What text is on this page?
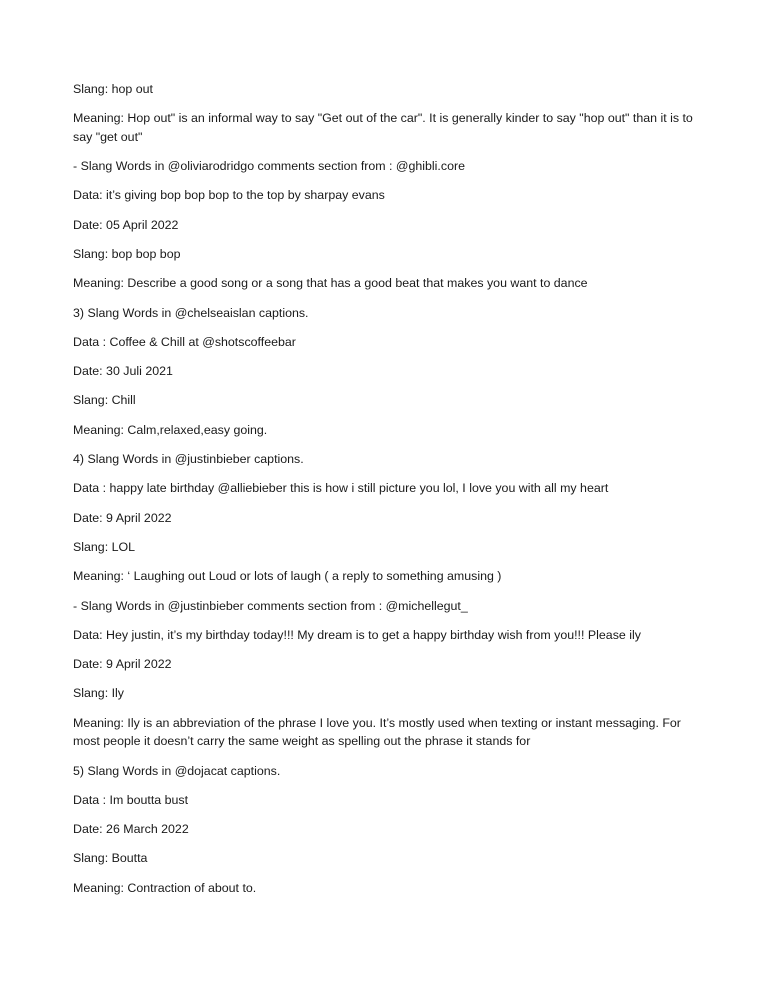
Slang: hop out

Meaning: Hop out" is an informal way to say "Get out of the car". It is generally kinder to say "hop out" than it is to say "get out"

- Slang Words in @oliviarodridgo comments section from : @ghibli.core

Data: it’s giving bop bop bop to the top by sharpay evans

Date: 05 April 2022

Slang: bop bop bop

Meaning: Describe a good song or a song that has a good beat that makes you want to dance

3) Slang Words in @chelseaislan captions.

Data : Coffee & Chill at @shotscoffeebar

Date: 30 Juli 2021

Slang: Chill

Meaning: Calm,relaxed,easy going.

4) Slang Words in @justinbieber captions.

Data : happy late birthday @alliebieber this is how i still picture you lol, I love you with all my heart

Date: 9 April 2022

Slang: LOL

Meaning: ‘ Laughing out Loud or lots of laugh ( a reply to something amusing )

- Slang Words in @justinbieber comments section from : @michellegut_

Data: Hey justin, it’s my birthday today!!! My dream is to get a happy birthday wish from you!!! Please ily

Date: 9 April 2022

Slang: Ily

Meaning: Ily is an abbreviation of the phrase I love you. It’s mostly used when texting or instant messaging. For most people it doesn’t carry the same weight as spelling out the phrase it stands for

5) Slang Words in @dojacat captions.

Data : Im boutta bust

Date: 26 March 2022

Slang: Boutta

Meaning: Contraction of about to.
